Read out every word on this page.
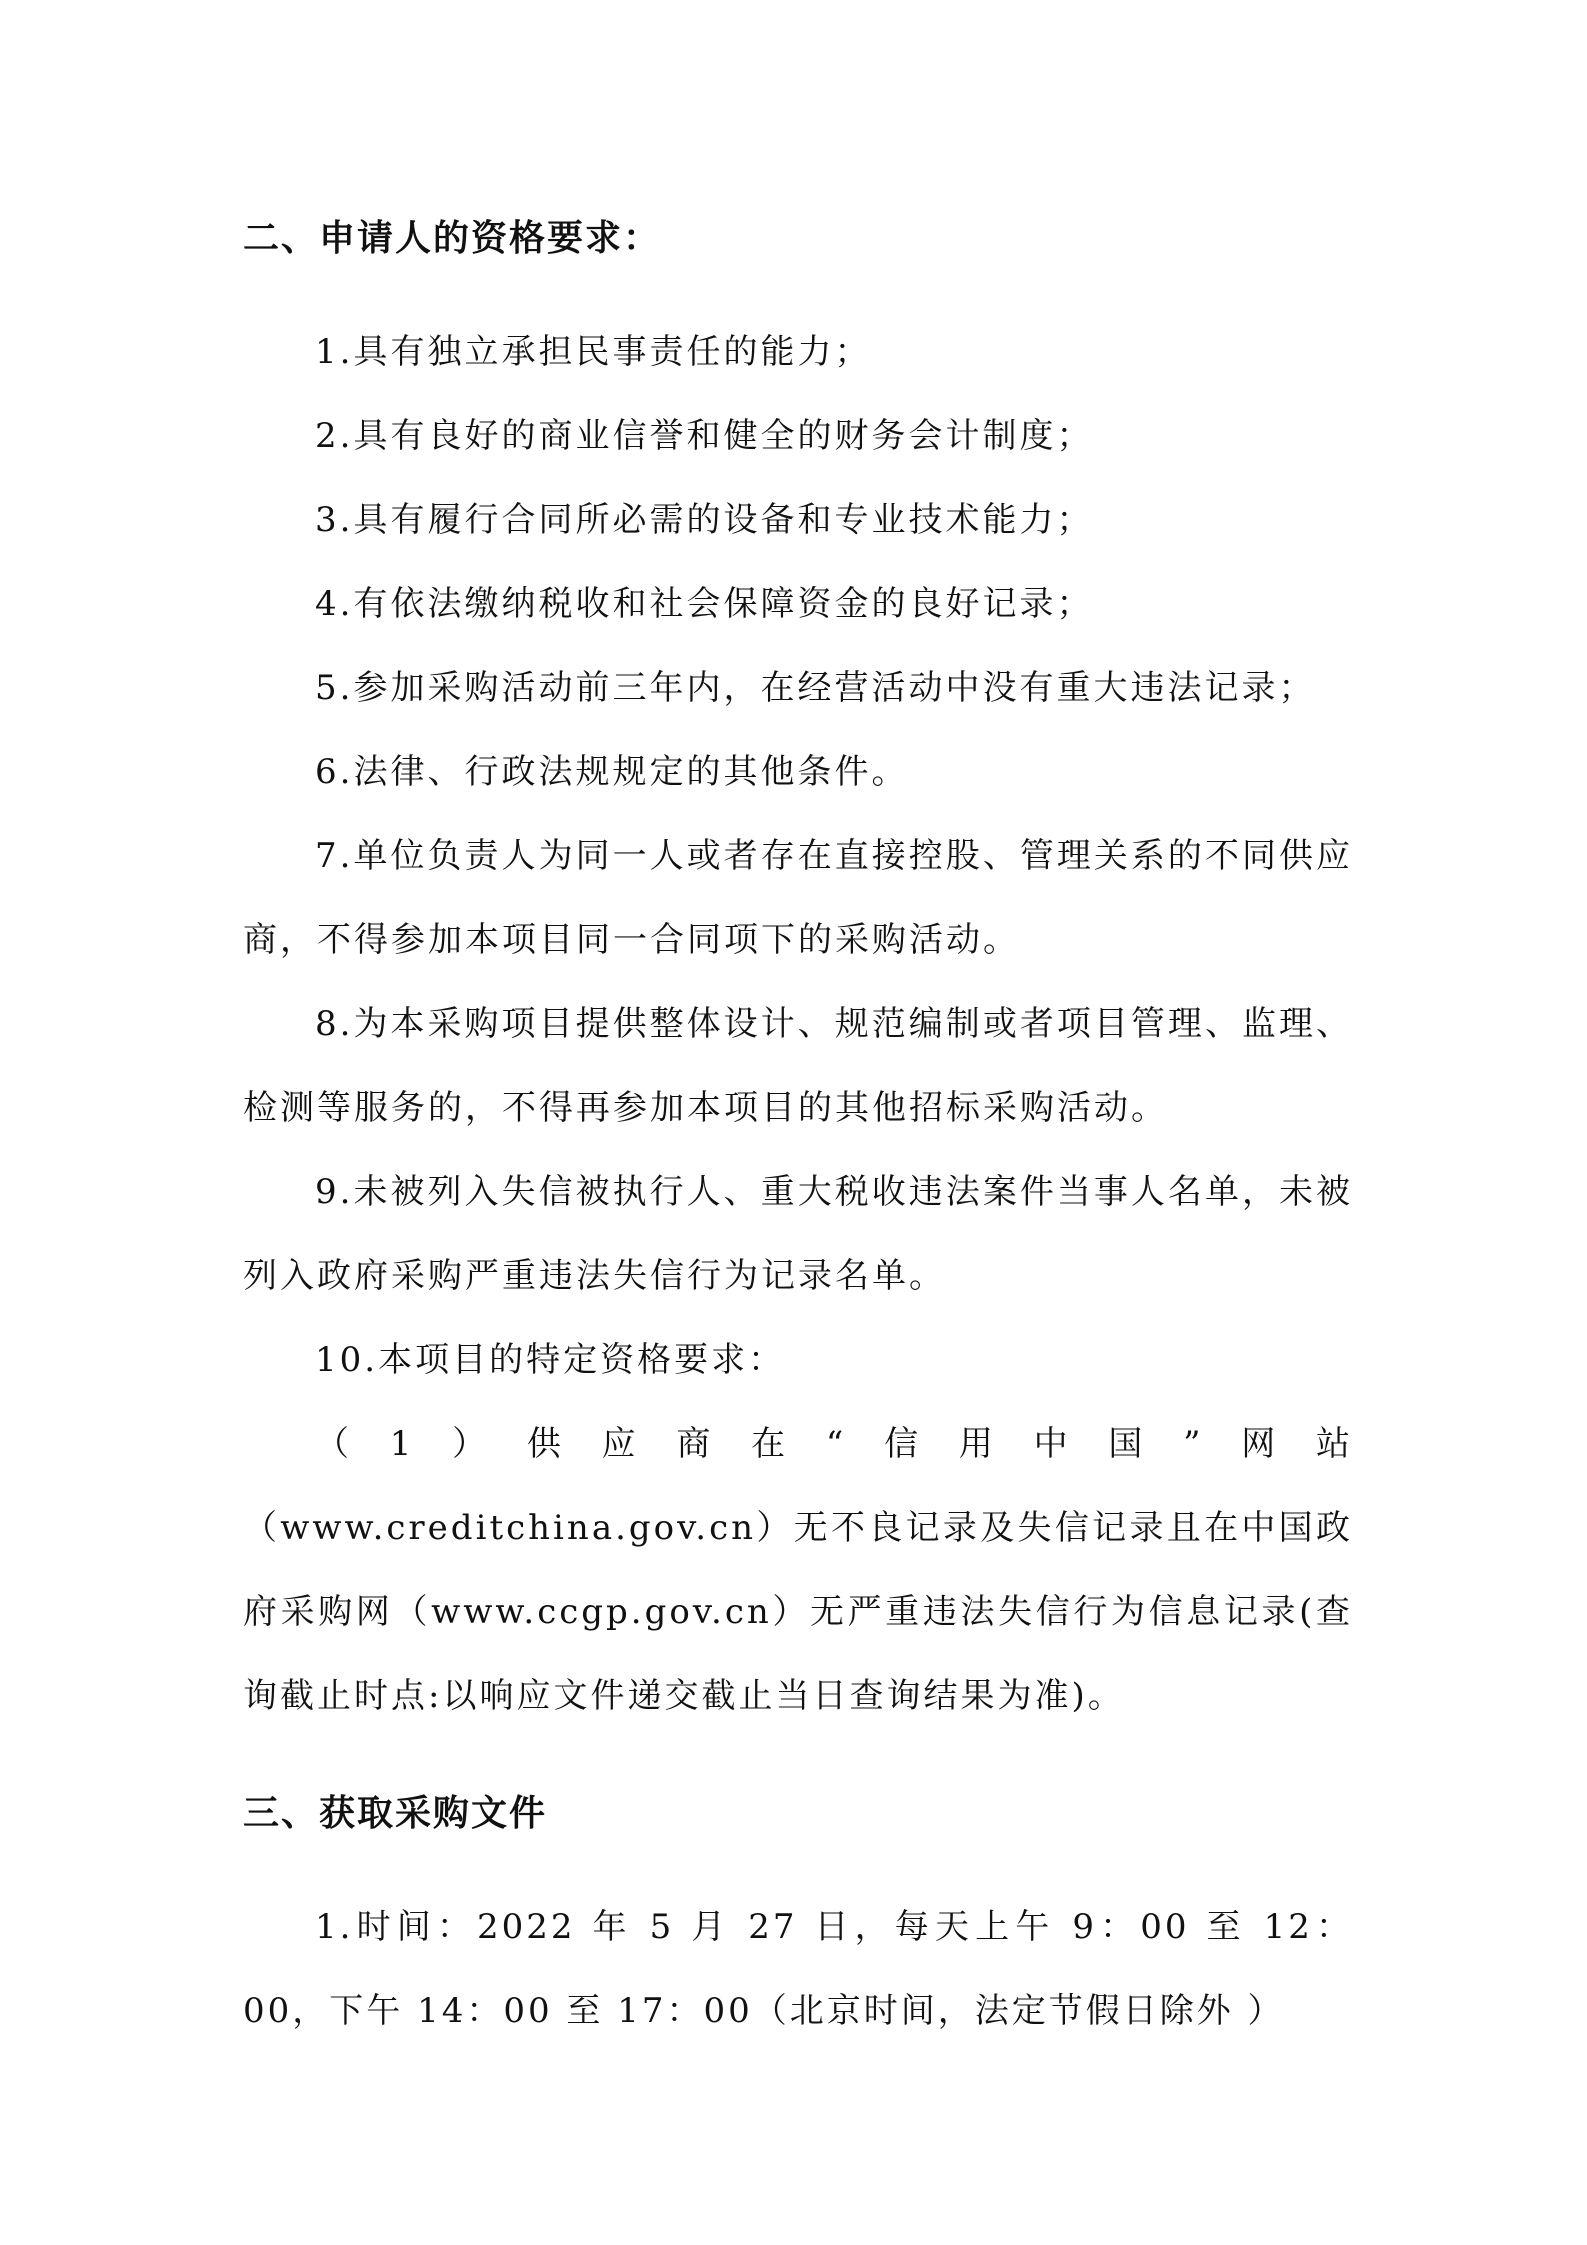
二、申请人的资格要求：

1.具有独立承担民事责任的能力；

2.具有良好的商业信誉和健全的财务会计制度；

3.具有履行合同所必需的设备和专业技术能力；

4.有依法缴纳税收和社会保障资金的良好记录；

5.参加采购活动前三年内，在经营活动中没有重大违法记录；

6.法律、行政法规规定的其他条件。

7.单位负责人为同一人或者存在直接控股、管理关系的不同供应商，不得参加本项目同一合同项下的采购活动。

8.为本采购项目提供整体设计、规范编制或者项目管理、监理、检测等服务的，不得再参加本项目的其他招标采购活动。

9.未被列入失信被执行人、重大税收违法案件当事人名单，未被列入政府采购严重违法失信行为记录名单。

10.本项目的特定资格要求：

（1）供应商在“信用中国”网站（www.creditchina.gov.cn）无不良记录及失信记录且在中国政府采购网（www.ccgp.gov.cn）无严重违法失信行为信息记录(查询截止时点:以响应文件递交截止当日查询结果为准)。

三、获取采购文件

1.时间：2022 年 5 月 27 日，每天上午 9：00 至 12：00，下午 14：00 至 17：00（北京时间，法定节假日除外 ）
